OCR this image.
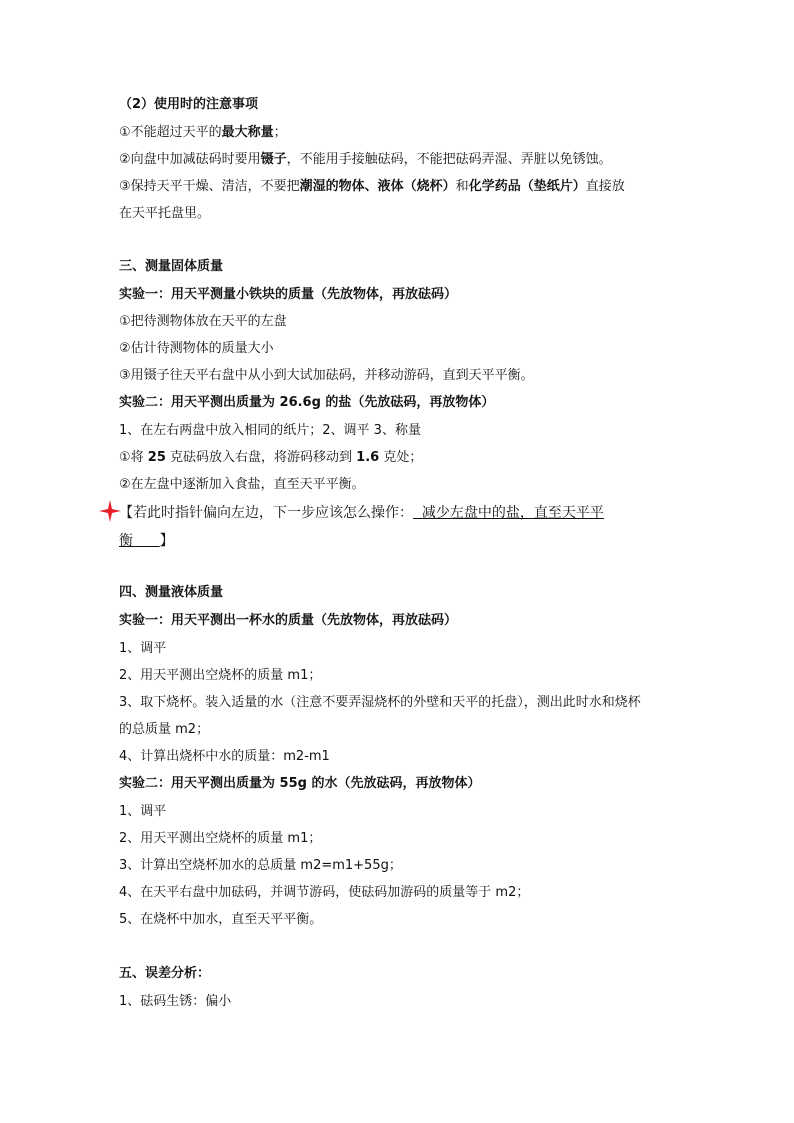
（2）使用时的注意事项
①不能超过天平的最大称量；
②向盘中加减砝码时要用镊子，不能用手接触砝码，不能把砝码弄湿、弄脏以免锈蚀。
③保持天平干燥、清洁，不要把潮湿的物体、液体（烧杯）和化学药品（垫纸片）直接放
在天平托盘里。
三、测量固体质量
实验一：用天平测量小铁块的质量（先放物体，再放砝码）
①把待测物体放在天平的左盘
②估计待测物体的质量大小
③用镊子往天平右盘中从小到大试加砝码，并移动游码，直到天平平衡。
实验二：用天平测出质量为 26.6g 的盐（先放砝码，再放物体）
1、在左右两盘中放入相同的纸片；2、调平 3、称量
①将 25 克砝码放入右盘，将游码移动到 1.6 克处；
②在左盘中逐渐加入食盐，直至天平平衡。
【若此时指针偏向左边，下一步应该怎么操作：  减少左盘中的盐，直至天平平
衡      】
四、测量液体质量
实验一：用天平测出一杯水的质量（先放物体，再放砝码）
1、调平
2、用天平测出空烧杯的质量 m1；
3、取下烧杯。装入适量的水（注意不要弄湿烧杯的外壁和天平的托盘），测出此时水和烧杯
的总质量 m2；
4、计算出烧杯中水的质量：m2-m1
实验二：用天平测出质量为 55g 的水（先放砝码，再放物体）
1、调平
2、用天平测出空烧杯的质量 m1；
3、计算出空烧杯加水的总质量 m2=m1+55g；
4、在天平右盘中加砝码，并调节游码，使砝码加游码的质量等于 m2；
5、在烧杯中加水，直至天平平衡。
五、误差分析：
1、砝码生锈：偏小
